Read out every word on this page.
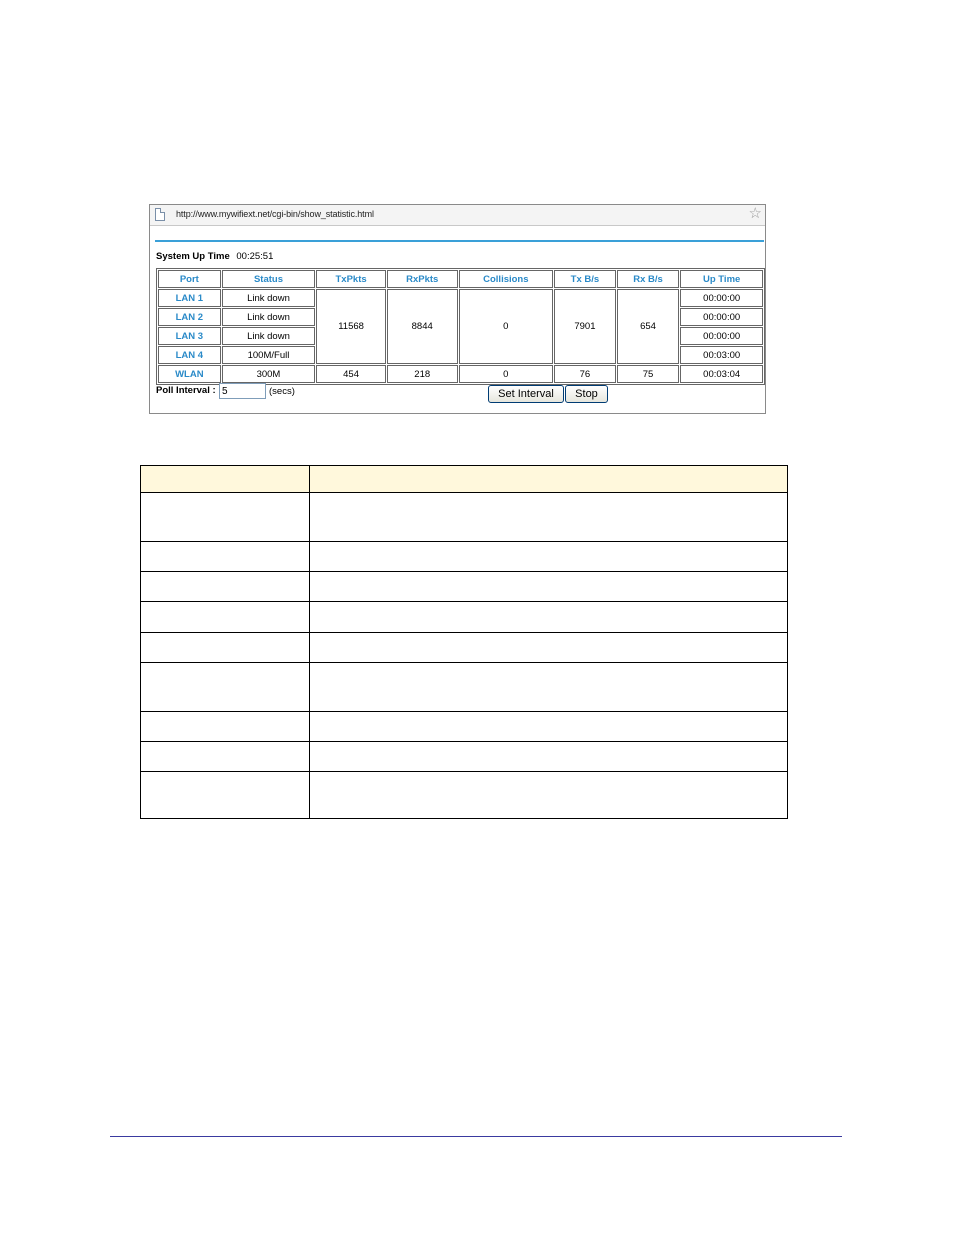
http://www.mywifiext.net/cgi-bin/show_statistic.html	☆
System Up Time 00:25:51
Port	Status	TxPkts	RxPkts	Collisions	Tx B/s	Rx B/s	Up Time
LAN 1	Link down	11568	8844	0	7901	654	00:00:00
LAN 2	Link down						00:00:00
LAN 3	Link down						00:00:00
LAN 4	100M/Full						00:03:00
WLAN	300M	454	218	0	76	75	00:03:04
Poll Interval :
5	(secs)	Set Interval	Stop
